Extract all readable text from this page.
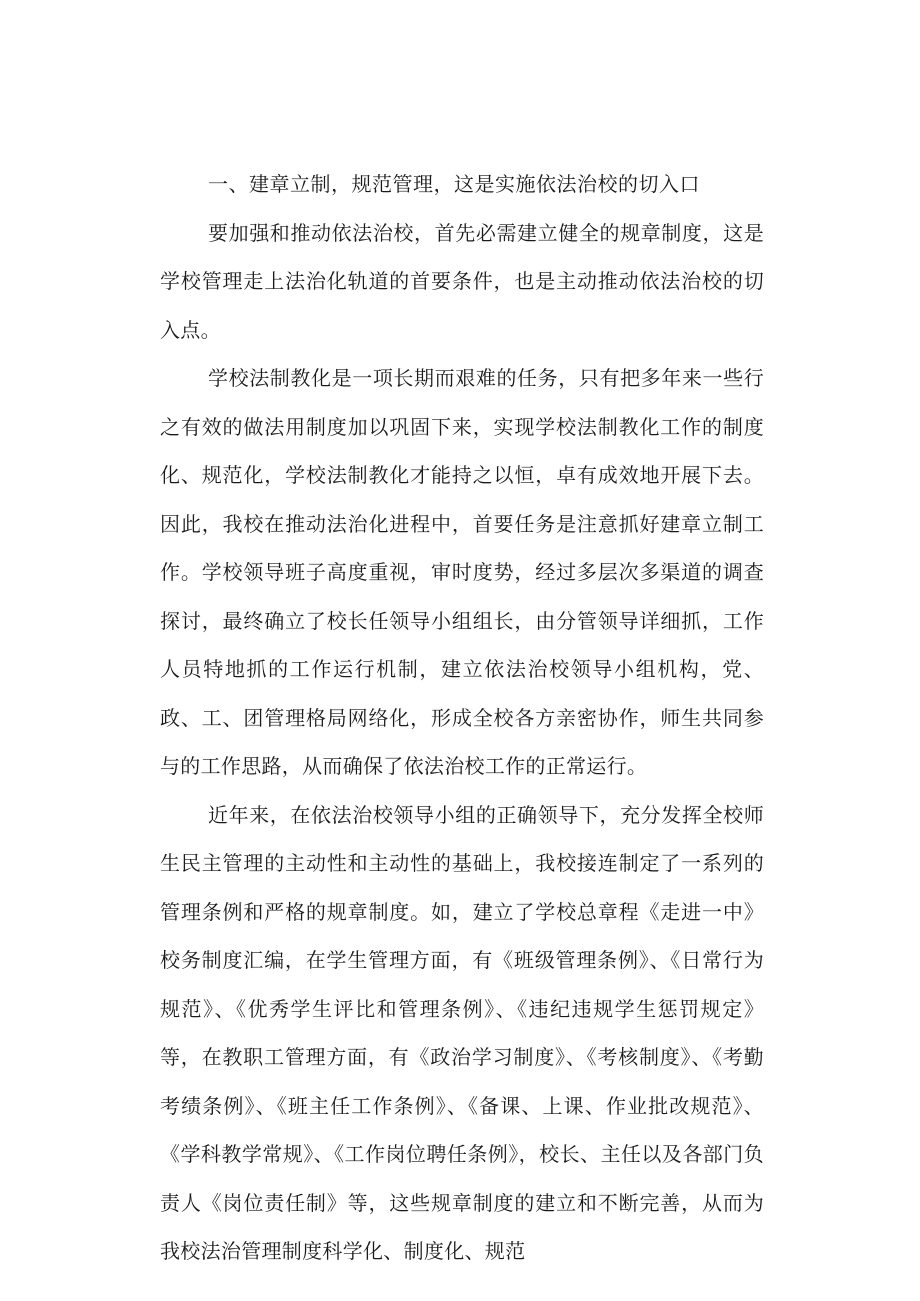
一、建章立制，规范管理，这是实施依法治校的切入口

要加强和推动依法治校，首先必需建立健全的规章制度，这是学校管理走上法治化轨道的首要条件，也是主动推动依法治校的切入点。

学校法制教化是一项长期而艰难的任务，只有把多年来一些行之有效的做法用制度加以巩固下来，实现学校法制教化工作的制度化、规范化，学校法制教化才能持之以恒，卓有成效地开展下去。因此，我校在推动法治化进程中，首要任务是注意抓好建章立制工作。学校领导班子高度重视，审时度势，经过多层次多渠道的调查探讨，最终确立了校长任领导小组组长，由分管领导详细抓，工作人员特地抓的工作运行机制，建立依法治校领导小组机构，党、政、工、团管理格局网络化，形成全校各方亲密协作，师生共同参与的工作思路，从而确保了依法治校工作的正常运行。

近年来，在依法治校领导小组的正确领导下，充分发挥全校师生民主管理的主动性和主动性的基础上，我校接连制定了一系列的管理条例和严格的规章制度。如，建立了学校总章程《走进一中》校务制度汇编，在学生管理方面，有《班级管理条例》、《日常行为规范》、《优秀学生评比和管理条例》、《违纪违规学生惩罚规定》等，在教职工管理方面，有《政治学习制度》、《考核制度》、《考勤考绩条例》、《班主任工作条例》、《备课、上课、作业批改规范》、《学科教学常规》、《工作岗位聘任条例》，校长、主任以及各部门负责人《岗位责任制》等，这些规章制度的建立和不断完善，从而为我校法治管理制度科学化、制度化、规范
